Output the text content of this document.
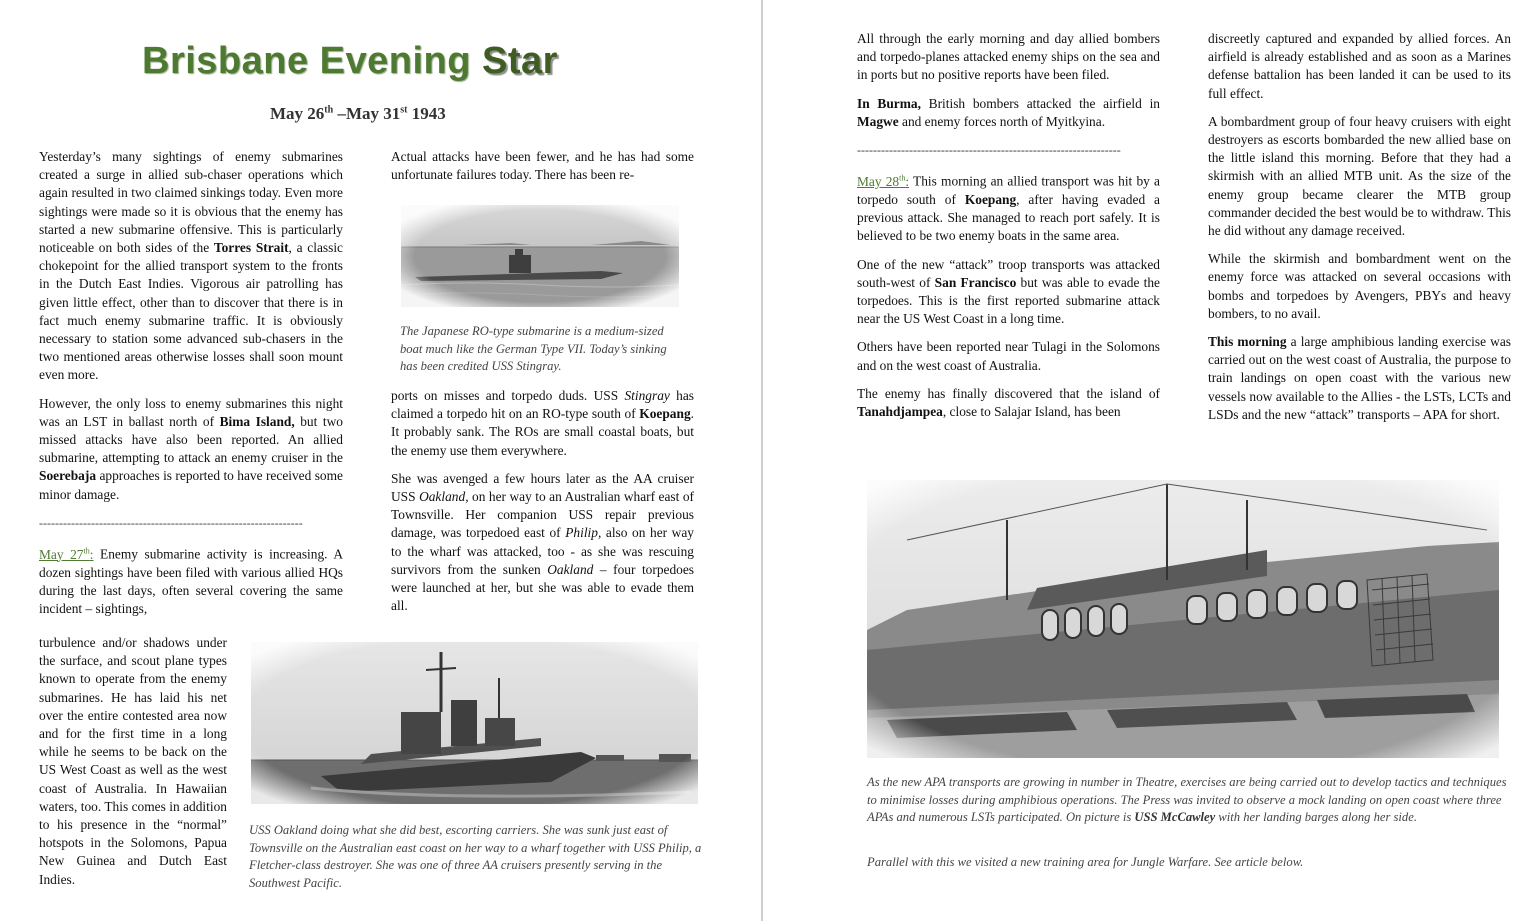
Brisbane Evening Star
May 26th –May 31st 1943

Yesterday’s many sightings of enemy submarines created a surge in allied sub-chaser operations which again resulted in two claimed sinkings today. Even more sightings were made so it is obvious that the enemy has started a new submarine offensive. This is particularly noticeable on both sides of the Torres Strait, a classic chokepoint for the allied transport system to the fronts in the Dutch East Indies. Vigorous air patrolling has given little effect, other than to discover that there is in fact much enemy submarine traffic. It is obviously necessary to station some advanced sub-chasers in the two mentioned areas otherwise losses shall soon mount even more.

However, the only loss to enemy submarines this night was an LST in ballast north of Bima Island, but two missed attacks have also been reported. An allied submarine, attempting to attack an enemy cruiser in the Soerebaja approaches is reported to have received some minor damage.

------------------------------------------------------------------

May 27th: Enemy submarine activity is increasing. A dozen sightings have been filed with various allied HQs during the last days, often several covering the same incident – sightings,

turbulence and/or shadows under the surface, and scout plane types known to operate from the enemy submarines. He has laid his net over the entire contested area now and for the first time in a long while he seems to be back on the US West Coast as well as the west coast of Australia. In Hawaiian waters, too. This comes in addition to his presence in the “normal” hotspots in the Solomons, Papua New Guinea and Dutch East Indies.

Actual attacks have been fewer, and he has had some unfortunate failures today. There has been re-

The Japanese RO-type submarine is a medium-sized boat much like the German Type VII. Today’s sinking has been credited USS Stingray.

ports on misses and torpedo duds. USS Stingray has claimed a torpedo hit on an RO-type south of Koepang. It probably sank. The ROs are small coastal boats, but the enemy use them everywhere.

She was avenged a few hours later as the AA cruiser USS Oakland, on her way to an Australian wharf east of Townsville. Her companion USS repair previous damage, was torpedoed east of Philip, also on her way to the wharf was attacked, too - as she was rescuing survivors from the sunken Oakland – four torpedoes were launched at her, but she was able to evade them all.

USS Oakland doing what she did best, escorting carriers. She was sunk just east of Townsville on the Australian east coast on her way to a wharf together with USS Philip, a Fletcher-class destroyer. She was one of three AA cruisers presently serving in the Southwest Pacific.

All through the early morning and day allied bombers and torpedo-planes attacked enemy ships on the sea and in ports but no positive reports have been filed.

In Burma, British bombers attacked the airfield in Magwe and enemy forces north of Myitkyina.

------------------------------------------------------------------

May 28th: This morning an allied transport was hit by a torpedo south of Koepang, after having evaded a previous attack. She managed to reach port safely. It is believed to be two enemy boats in the same area.

One of the new “attack” troop transports was attacked south-west of San Francisco but was able to evade the torpedoes. This is the first reported submarine attack near the US West Coast in a long time.

Others have been reported near Tulagi in the Solomons and on the west coast of Australia.

The enemy has finally discovered that the island of Tanahdjampea, close to Salajar Island, has been

discreetly captured and expanded by allied forces. An airfield is already established and as soon as a Marines defense battalion has been landed it can be used to its full effect.

A bombardment group of four heavy cruisers with eight destroyers as escorts bombarded the new allied base on the little island this morning. Before that they had a skirmish with an allied MTB unit. As the size of the enemy group became clearer the MTB group commander decided the best would be to withdraw. This he did without any damage received.

While the skirmish and bombardment went on the enemy force was attacked on several occasions with bombs and torpedoes by Avengers, PBYs and heavy bombers, to no avail.

This morning a large amphibious landing exercise was carried out on the west coast of Australia, the purpose to train landings on open coast with the various new vessels now available to the Allies - the LSTs, LCTs and LSDs and the new “attack” transports – APA for short.

As the new APA transports are growing in number in Theatre, exercises are being carried out to develop tactics and techniques to minimise losses during amphibious operations. The Press was invited to observe a mock landing on open coast where three APAs and numerous LSTs participated. On picture is USS McCawley with her landing barges along her side.
Parallel with this we visited a new training area for Jungle Warfare. See article below.
